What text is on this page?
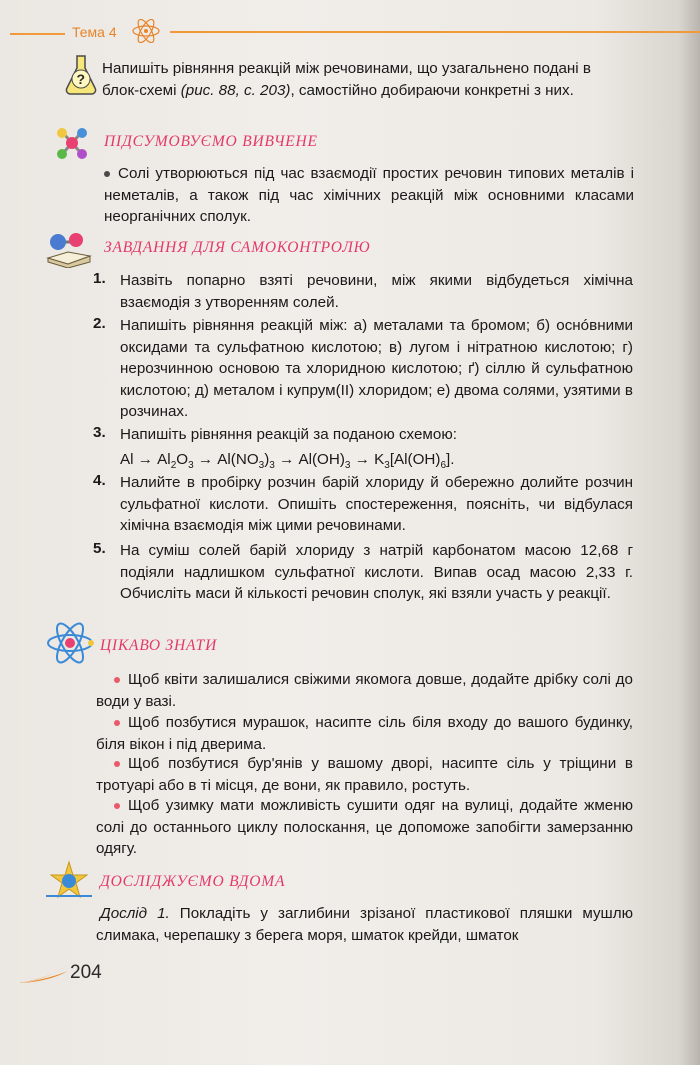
Тема 4
?
Напишіть рівняння реакцій між речовинами, що узагальнено подані в
блок-схемі (рис. 88, с. 203), самостійно добираючи конкретні з них.
ПІДСУМОВУЄМО ВИВЧЕНЕ
Солі утворюються під час взаємодії простих речовин типових металів і неметалів, а також під час хімічних реакцій між основними класами неорганічних сполук.
ЗАВДАННЯ ДЛЯ САМОКОНТРОЛЮ
1. Назвіть попарно взяті речовини, між якими відбудеться хімічна взаємодія з утворенням солей.
2. Напишіть рівняння реакцій між: а) металами та бромом; б) оснóвними оксидами та сульфатною кислотою; в) лугом і нітратною кислотою; г) нерозчинною основою та хлоридною кислотою; ґ) сіллю й сульфатною кислотою; д) металом і купрум(ІІ) хлоридом; е) двома солями, узятими в розчинах.
3. Напишіть рівняння реакцій за поданою схемою:
$Al \to Al_2O_3 \to Al(NO_3)_3 \to Al(OH)_3 \to K_3[Al(OH)_6]$.
4. Налийте в пробірку розчин барій хлориду й обережно долийте розчин сульфатної кислоти. Опишіть спостереження, поясніть, чи відбулася хімічна взаємодія між цими речовинами.
5. На суміш солей барій хлориду з натрій карбонатом масою 12,68 г подіяли надлишком сульфатної кислоти. Випав осад масою 2,33 г. Обчисліть маси й кількості речовин сполук, які взяли участь у реакції.
ЦІКАВО ЗНАТИ
Щоб квіти залишалися свіжими якомога довше, додайте дрібку солі до води у вазі.
Щоб позбутися мурашок, насипте сіль біля входу до вашого будинку, біля вікон і під дверима.
Щоб позбутися бур'янів у вашому дворі, насипте сіль у тріщини в тротуарі або в ті місця, де вони, як правило, ростуть.
Щоб узимку мати можливість сушити одяг на вулиці, додайте жменю солі до останнього циклу полоскання, це допоможе запобігти замерзанню одягу.
ДОСЛІДЖУЄМО ВДОМА
Дослід 1. Покладіть у заглибини зрізаної пластикової пляшки мушлю слимака, черепашку з берега моря, шматок крейди, шматок
204
